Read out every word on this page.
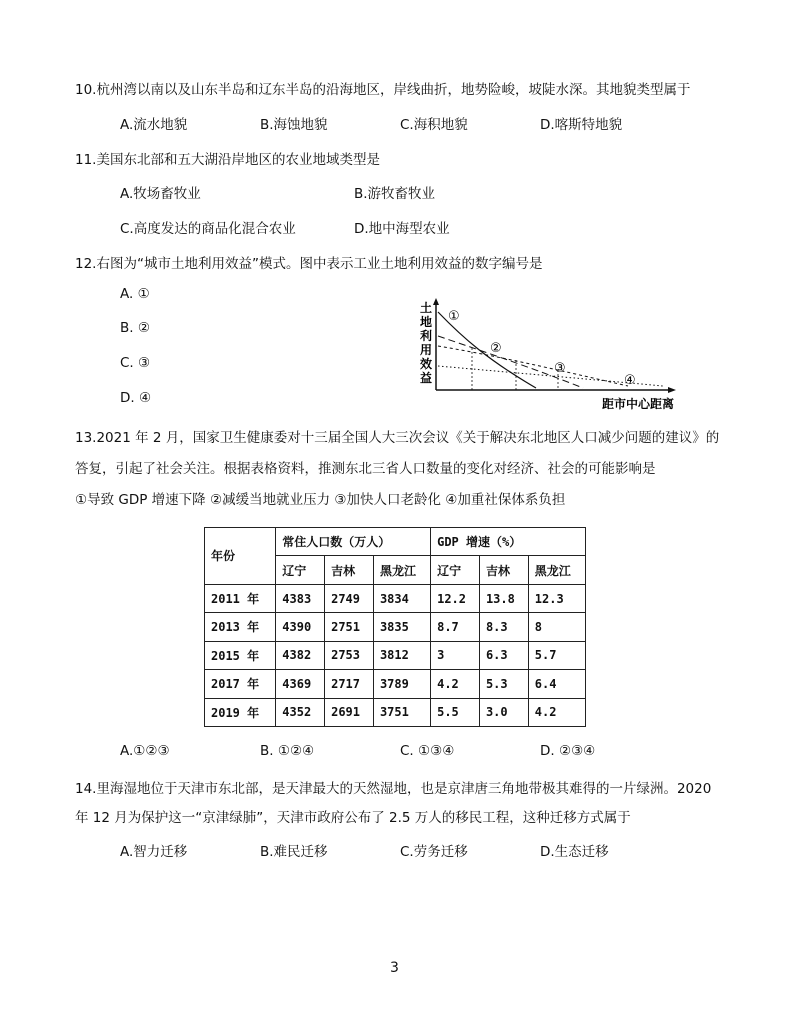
10.杭州湾以南以及山东半岛和辽东半岛的沿海地区，岸线曲折，地势险峻，坡陡水深。其地貌类型属于
A.流水地貌	B.海蚀地貌	C.海积地貌	D.喀斯特地貌
11.美国东北部和五大湖沿岸地区的农业地域类型是
A.牧场畜牧业	B.游牧畜牧业
C.高度发达的商品化混合农业	D.地中海型农业
12.右图为“城市土地利用效益”模式。图中表示工业土地利用效益的数字编号是
A. ①
B. ②
C. ③
D. ④
土
地
利
用
效
益
①
②
③
④
距市中心距离
13.2021 年 2 月，国家卫生健康委对十三届全国人大三次会议《关于解决东北地区人口减少问题的建议》的
答复，引起了社会关注。根据表格资料，推测东北三省人口数量的变化对经济、社会的可能影响是
①导致 GDP 增速下降 ②减缓当地就业压力 ③加快人口老龄化 ④加重社保体系负担
年份	常住人口数（万人）			GDP 增速（%）		
	辽宁	吉林	黑龙江	辽宁	吉林	黑龙江
2011 年	4383	2749	3834	12.2	13.8	12.3
2013 年	4390	2751	3835	8.7	8.3	8
2015 年	4382	2753	3812	3	6.3	5.7
2017 年	4369	2717	3789	4.2	5.3	6.4
2019 年	4352	2691	3751	5.5	3.0	4.2
A.①②③	B. ①②④	C. ①③④	D. ②③④
14.里海湿地位于天津市东北部，是天津最大的天然湿地，也是京津唐三角地带极其难得的一片绿洲。2020
年 12 月为保护这一“京津绿肺”，天津市政府公布了 2.5 万人的移民工程，这种迁移方式属于
A.智力迁移	B.难民迁移	C.劳务迁移	D.生态迁移
3
